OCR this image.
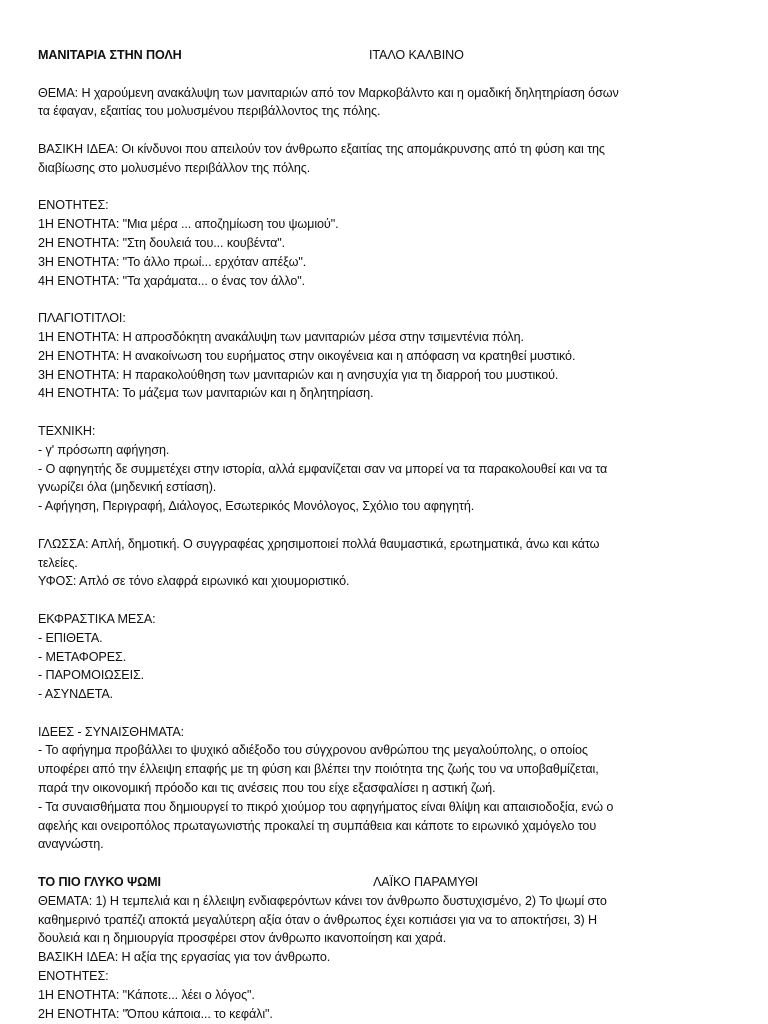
ΜΑΝΙΤΑΡΙΑ ΣΤΗΝ ΠΟΛΗ	ΙΤΑΛΟ ΚΑΛΒΙΝΟ
ΘΕΜΑ: Η χαρούμενη ανακάλυψη των μανιταριών από τον Μαρκοβάλντο και η ομαδική δηλητηρίαση όσων
τα έφαγαν, εξαιτίας του μολυσμένου περιβάλλοντος της πόλης.
ΒΑΣΙΚΗ ΙΔΕΑ: Οι κίνδυνοι που απειλούν τον άνθρωπο εξαιτίας της απομάκρυνσης από τη φύση και της
διαβίωσης στο μολυσμένο περιβάλλον της πόλης.
ΕΝΟΤΗΤΕΣ:
1Η ΕΝΟΤΗΤΑ: "Μια μέρα ... αποζημίωση του ψωμιού".
2Η ΕΝΟΤΗΤΑ: "Στη δουλειά του... κουβέντα".
3Η ΕΝΟΤΗΤΑ: "Το άλλο πρωί... ερχόταν απέξω".
4Η ΕΝΟΤΗΤΑ: "Τα χαράματα... ο ένας τον άλλο".
ΠΛΑΓΙΟΤΙΤΛΟΙ:
1Η ΕΝΟΤΗΤΑ: Η απροσδόκητη ανακάλυψη των μανιταριών μέσα στην τσιμεντένια πόλη.
2Η ΕΝΟΤΗΤΑ: Η ανακοίνωση του ευρήματος στην οικογένεια και η απόφαση να κρατηθεί μυστικό.
3Η ΕΝΟΤΗΤΑ: Η παρακολούθηση των μανιταριών και η ανησυχία για τη διαρροή του μυστικού.
4Η ΕΝΟΤΗΤΑ: Το μάζεμα των μανιταριών και η δηλητηρίαση.
ΤΕΧΝΙΚΗ:
- γ' πρόσωπη αφήγηση.
- Ο αφηγητής δε συμμετέχει στην ιστορία, αλλά εμφανίζεται σαν να μπορεί να τα παρακολουθεί και να τα
γνωρίζει όλα (μηδενική εστίαση).
- Αφήγηση, Περιγραφή, Διάλογος, Εσωτερικός Μονόλογος, Σχόλιο του αφηγητή.
ΓΛΩΣΣΑ: Απλή, δημοτική. Ο συγγραφέας χρησιμοποιεί πολλά θαυμαστικά, ερωτηματικά, άνω και κάτω
τελείες.
ΥΦΟΣ: Απλό σε τόνο ελαφρά ειρωνικό και χιουμοριστικό.
ΕΚΦΡΑΣΤΙΚΑ ΜΕΣΑ:
- ΕΠΙΘΕΤΑ.
- ΜΕΤΑΦΟΡΕΣ.
- ΠΑΡΟΜΟΙΩΣΕΙΣ.
- ΑΣΥΝΔΕΤΑ.
ΙΔΕΕΣ - ΣΥΝΑΙΣΘΗΜΑΤΑ:
- Το αφήγημα προβάλλει το ψυχικό αδιέξοδο του σύγχρονου ανθρώπου της μεγαλούπολης, ο οποίος
υποφέρει από την έλλειψη επαφής με τη φύση και βλέπει την ποιότητα της ζωής του να υποβαθμίζεται,
παρά την οικονομική πρόοδο και τις ανέσεις που του είχε εξασφαλίσει η αστική ζωή.
- Τα συναισθήματα που δημιουργεί το πικρό χιούμορ του αφηγήματος είναι θλίψη και απαισιοδοξία, ενώ ο
αφελής και ονειροπόλος πρωταγωνιστής προκαλεί τη συμπάθεια και κάποτε το ειρωνικό χαμόγελο του
αναγνώστη.
ΤΟ ΠΙΟ ΓΛΥΚΟ ΨΩΜΙ	ΛΑΪΚΟ ΠΑΡΑΜΥΘΙ
ΘΕΜΑΤΑ: 1) Η τεμπελιά και η έλλειψη ενδιαφερόντων κάνει τον άνθρωπο δυστυχισμένο, 2) Το ψωμί στο
καθημερινό τραπέζι αποκτά μεγαλύτερη αξία όταν ο άνθρωπος έχει κοπιάσει για να το αποκτήσει, 3) Η
δουλειά και η δημιουργία προσφέρει στον άνθρωπο ικανοποίηση και χαρά.
ΒΑΣΙΚΗ ΙΔΕΑ: Η αξία της εργασίας για τον άνθρωπο.
ΕΝΟΤΗΤΕΣ:
1Η ΕΝΟΤΗΤΑ: "Κάποτε... λέει ο λόγος".
2Η ΕΝΟΤΗΤΑ: "Όπου κάποια... το κεφάλι".
